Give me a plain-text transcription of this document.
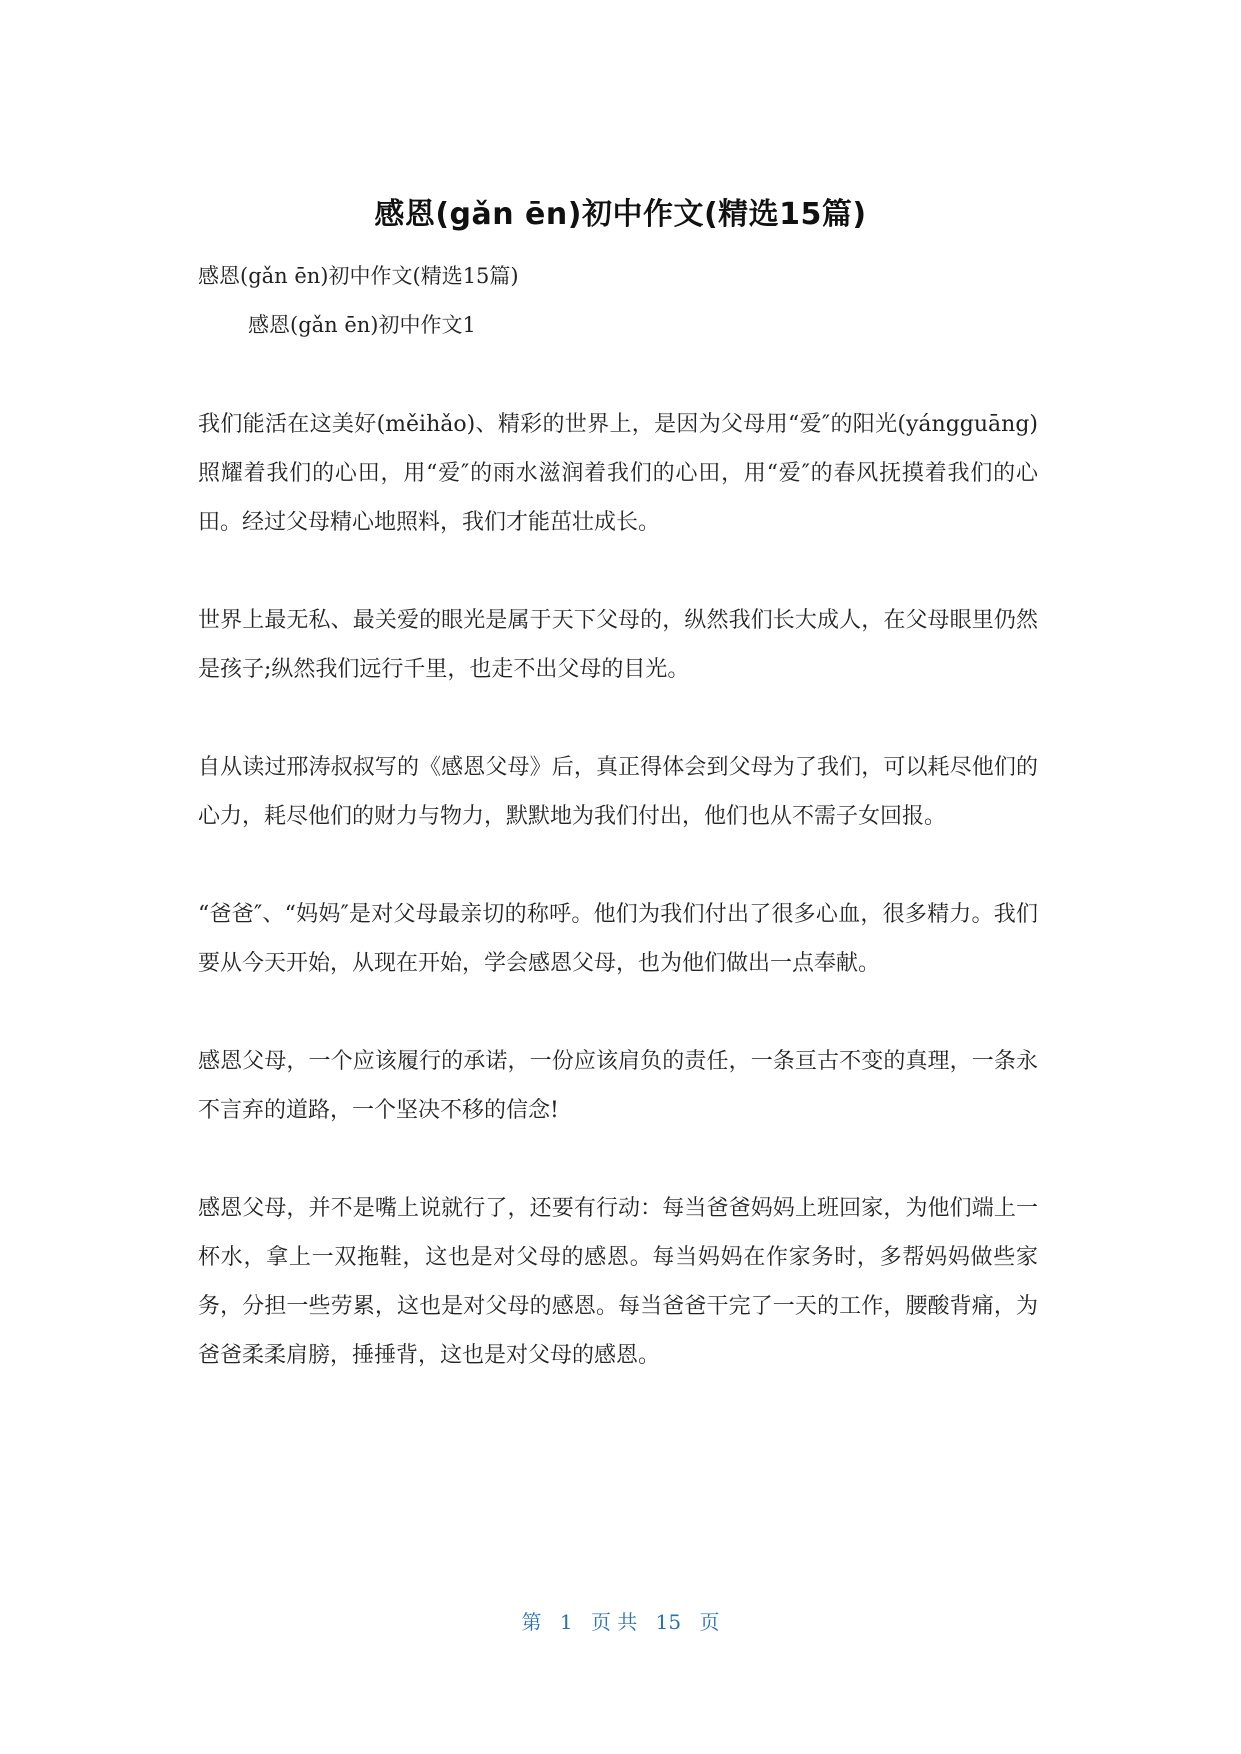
感恩(gǎn ēn)初中作文(精选15篇)
感恩(gǎn ēn)初中作文(精选15篇)
感恩(gǎn ēn)初中作文1

我们能活在这美好(měihǎo)、精彩的世界上，是因为父母用“爱″的阳光(yángguāng)照耀着我们的心田，用“爱″的雨水滋润着我们的心田，用“爱″的春风抚摸着我们的心田。经过父母精心地照料，我们才能茁壮成长。

世界上最无私、最关爱的眼光是属于天下父母的，纵然我们长大成人，在父母眼里仍然是孩子;纵然我们远行千里，也走不出父母的目光。

自从读过邢涛叔叔写的《感恩父母》后，真正得体会到父母为了我们，可以耗尽他们的心力，耗尽他们的财力与物力，默默地为我们付出，他们也从不需子女回报。

“爸爸″、“妈妈″是对父母最亲切的称呼。他们为我们付出了很多心血，很多精力。我们要从今天开始，从现在开始，学会感恩父母，也为他们做出一点奉献。

感恩父母，一个应该履行的承诺，一份应该肩负的责任，一条亘古不变的真理，一条永不言弃的道路，一个坚决不移的信念!

感恩父母，并不是嘴上说就行了，还要有行动：每当爸爸妈妈上班回家，为他们端上一杯水，拿上一双拖鞋，这也是对父母的感恩。每当妈妈在作家务时，多帮妈妈做些家务，分担一些劳累，这也是对父母的感恩。每当爸爸干完了一天的工作，腰酸背痛，为爸爸柔柔肩膀，捶捶背，这也是对父母的感恩。

第 1 页 共 15 页
